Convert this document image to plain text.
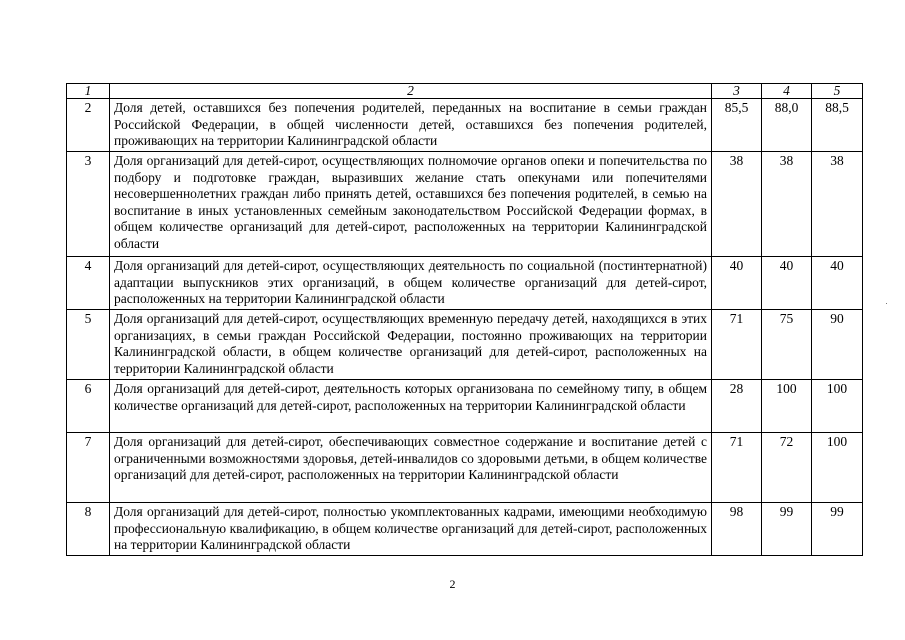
1	2	3	4	5
2	Доля детей, оставшихся без попечения родителей, переданных на воспитание в семьи граждан Российской Федерации, в общей численности детей, оставшихся без попечения родителей, проживающих на территории Калининградской области	85,5	88,0	88,5
3	Доля организаций для детей-сирот, осуществляющих полномочие органов опеки и попечительства по подбору и подготовке граждан, выразивших желание стать опекунами или попечителями несовершеннолетних граждан либо принять детей, оставшихся без попечения родителей, в семью на воспитание в иных установленных семейным законодательством Российской Федерации формах, в общем количестве организаций для детей-сирот, расположенных на территории Калининградской области	38	38	38
4	Доля организаций для детей-сирот, осуществляющих деятельность по социальной (постинтернатной) адаптации выпускников этих организаций, в общем количестве организаций для детей-сирот, расположенных на территории Калининградской области	40	40	40
5	Доля организаций для детей-сирот, осуществляющих временную передачу детей, находящихся в этих организациях, в семьи граждан Российской Федерации, постоянно проживающих на территории Калининградской области, в общем количестве организаций для детей-сирот, расположенных на территории Калининградской области	71	75	90
6	Доля организаций для детей-сирот, деятельность которых организована по семейному типу, в общем количестве организаций для детей-сирот, расположенных на территории Калининградской области	28	100	100
7	Доля организаций для детей-сирот, обеспечивающих совместное содержание и воспитание детей с ограниченными возможностями здоровья, детей-инвалидов со здоровыми детьми, в общем количестве организаций для детей-сирот, расположенных на территории Калининградской области	71	72	100
8	Доля организаций для детей-сирот, полностью укомплектованных кадрами, имеющими необходимую профессиональную квалификацию, в общем количестве организаций для детей-сирот, расположенных на территории Калининградской области	98	99	99
2
